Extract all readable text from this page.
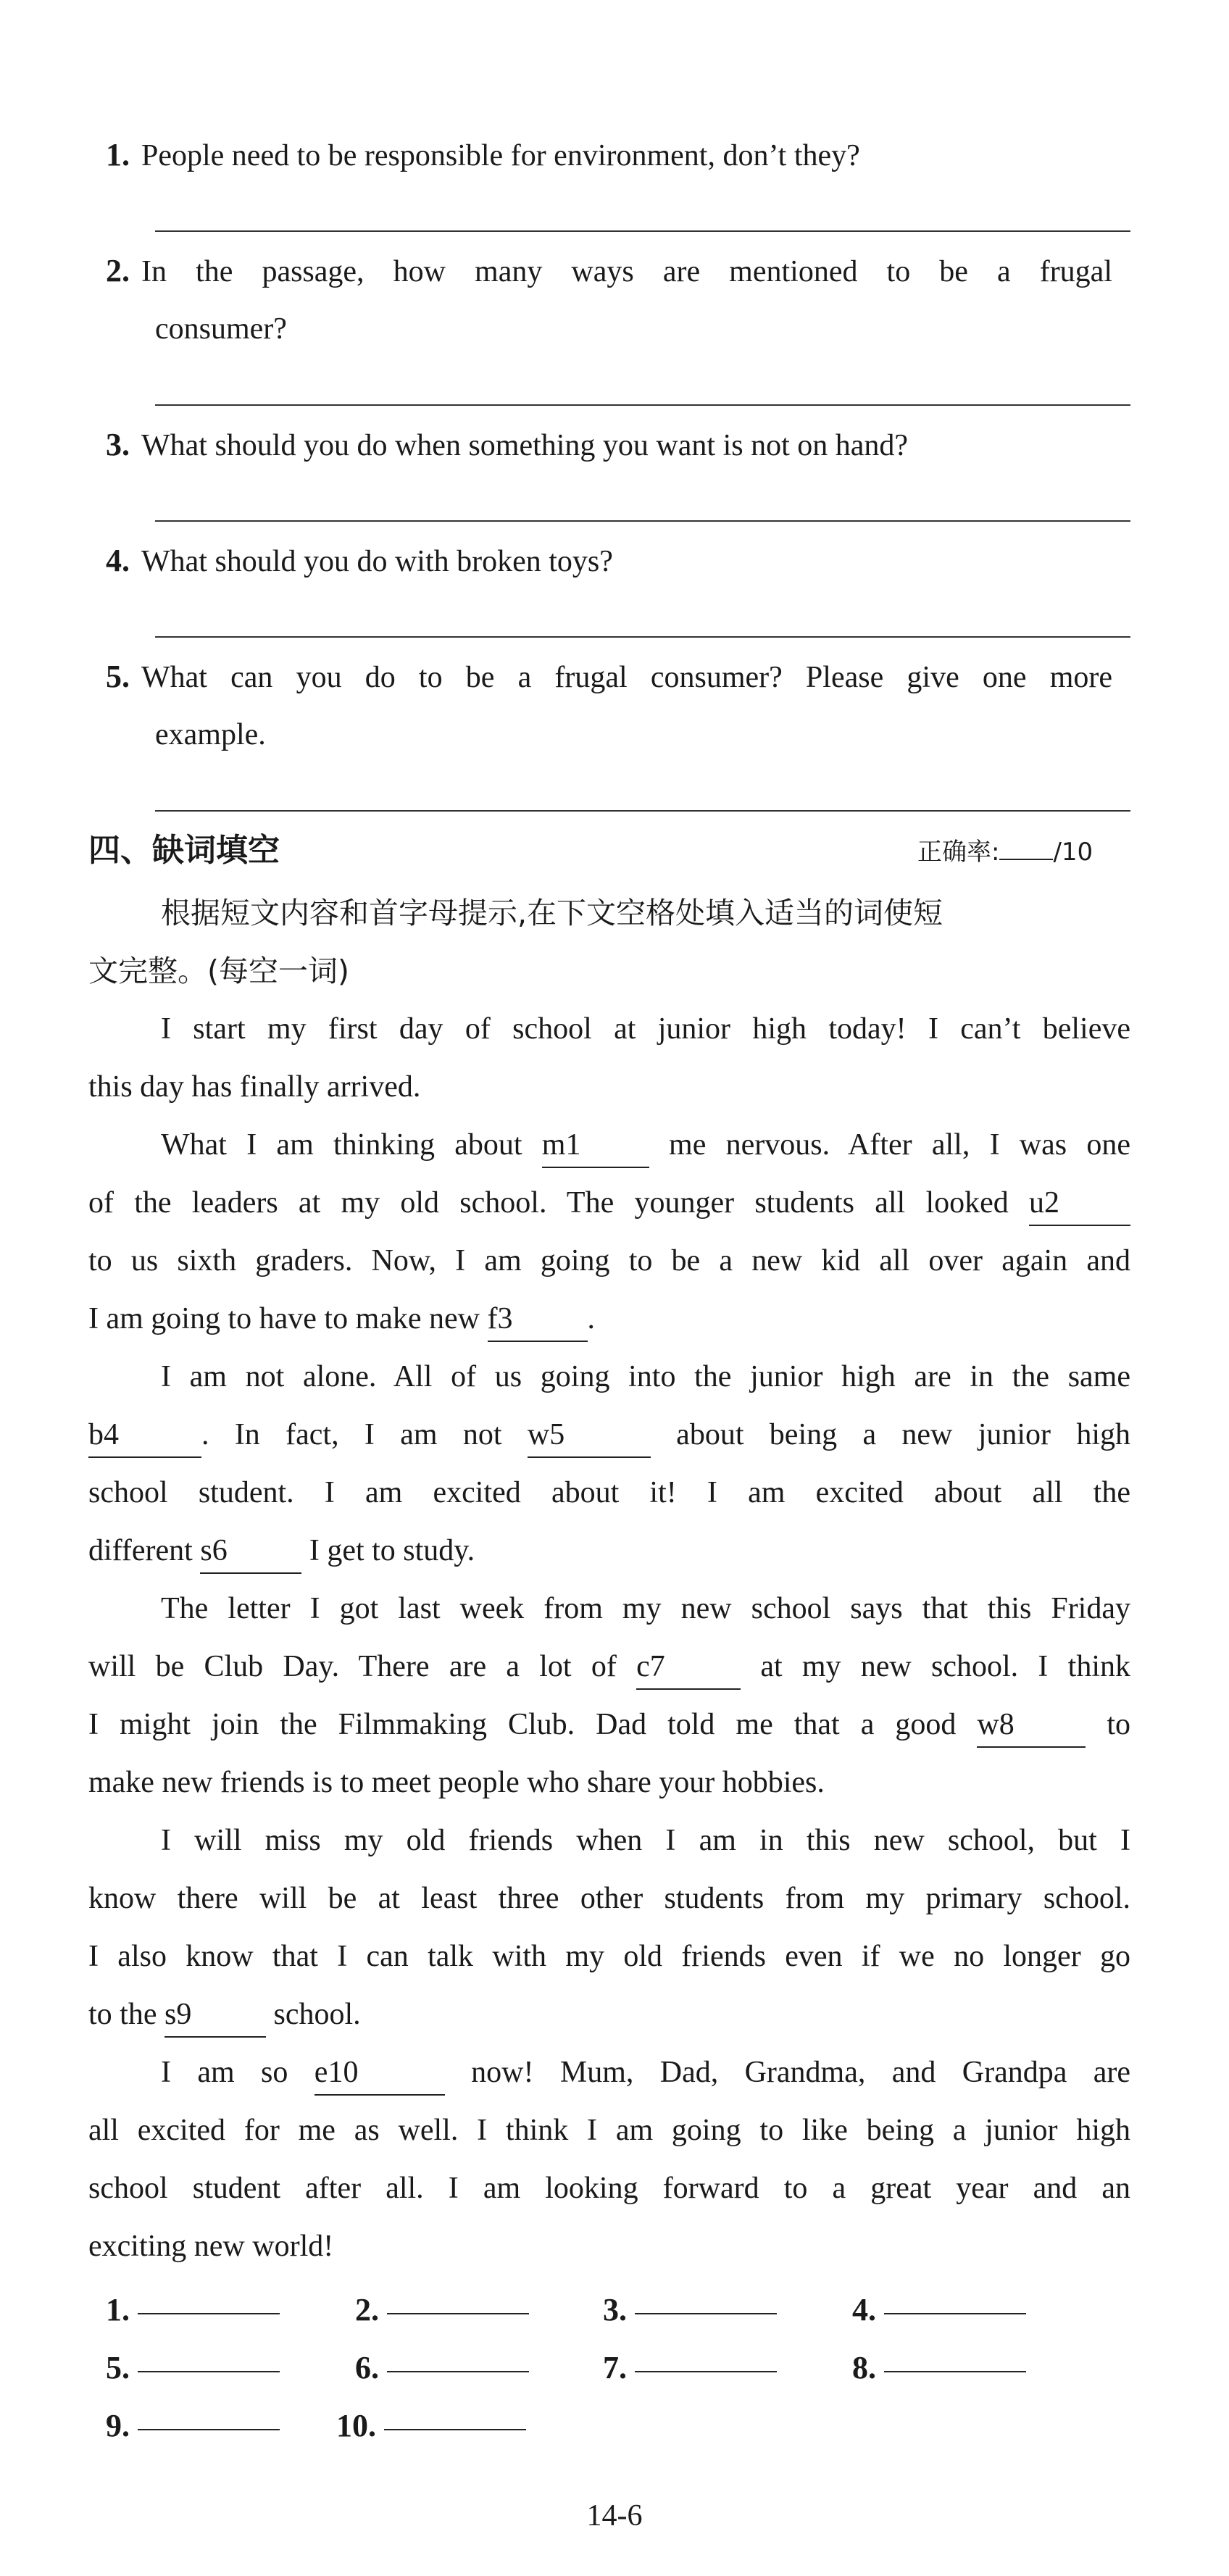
1. People need to be responsible for environment, don’t they?
2. In the passage, how many ways are mentioned to be a frugal
consumer?
3. What should you do when something you want is not on hand?
4. What should you do with broken toys?
5. What can you do to be a frugal consumer? Please give one more
example.
四、缺词填空	正确率: /10
根据短文内容和首字母提示,在下文空格处填入适当的词使短
文完整。(每空一词)
I start my first day of school at junior high today! I can’t believe
this day has finally arrived.
What I am thinking about m 1	me nervous. After all, I was one
of the leaders at my old school. The younger students all looked u 2
to us sixth graders. Now, I am going to be a new kid all over again and
I am going to have to make new f 3 .
I am not alone. All of us going into the junior high are in the same
b 4	. In fact, I am not w 5	about being a new junior high
school student. I am excited about it! I am excited about all the
different s 6	I get to study.
The letter I got last week from my new school says that this Friday
will be Club Day. There are a lot of c 7	at my new school. I think
I might join the Filmmaking Club. Dad told me that a good w 8	to
make new friends is to meet people who share your hobbies.
I will miss my old friends when I am in this new school, but I
know there will be at least three other students from my primary school.
I also know that I can talk with my old friends even if we no longer go
to the s 9	school.
I am so e 10	now! Mum, Dad, Grandma, and Grandpa are
all excited for me as well. I think I am going to like being a junior high
school student after all. I am looking forward to a great year and an
exciting new world!
1.	2.	3.	4.
5.	6.	7.	8.
9.	10.
14-6
